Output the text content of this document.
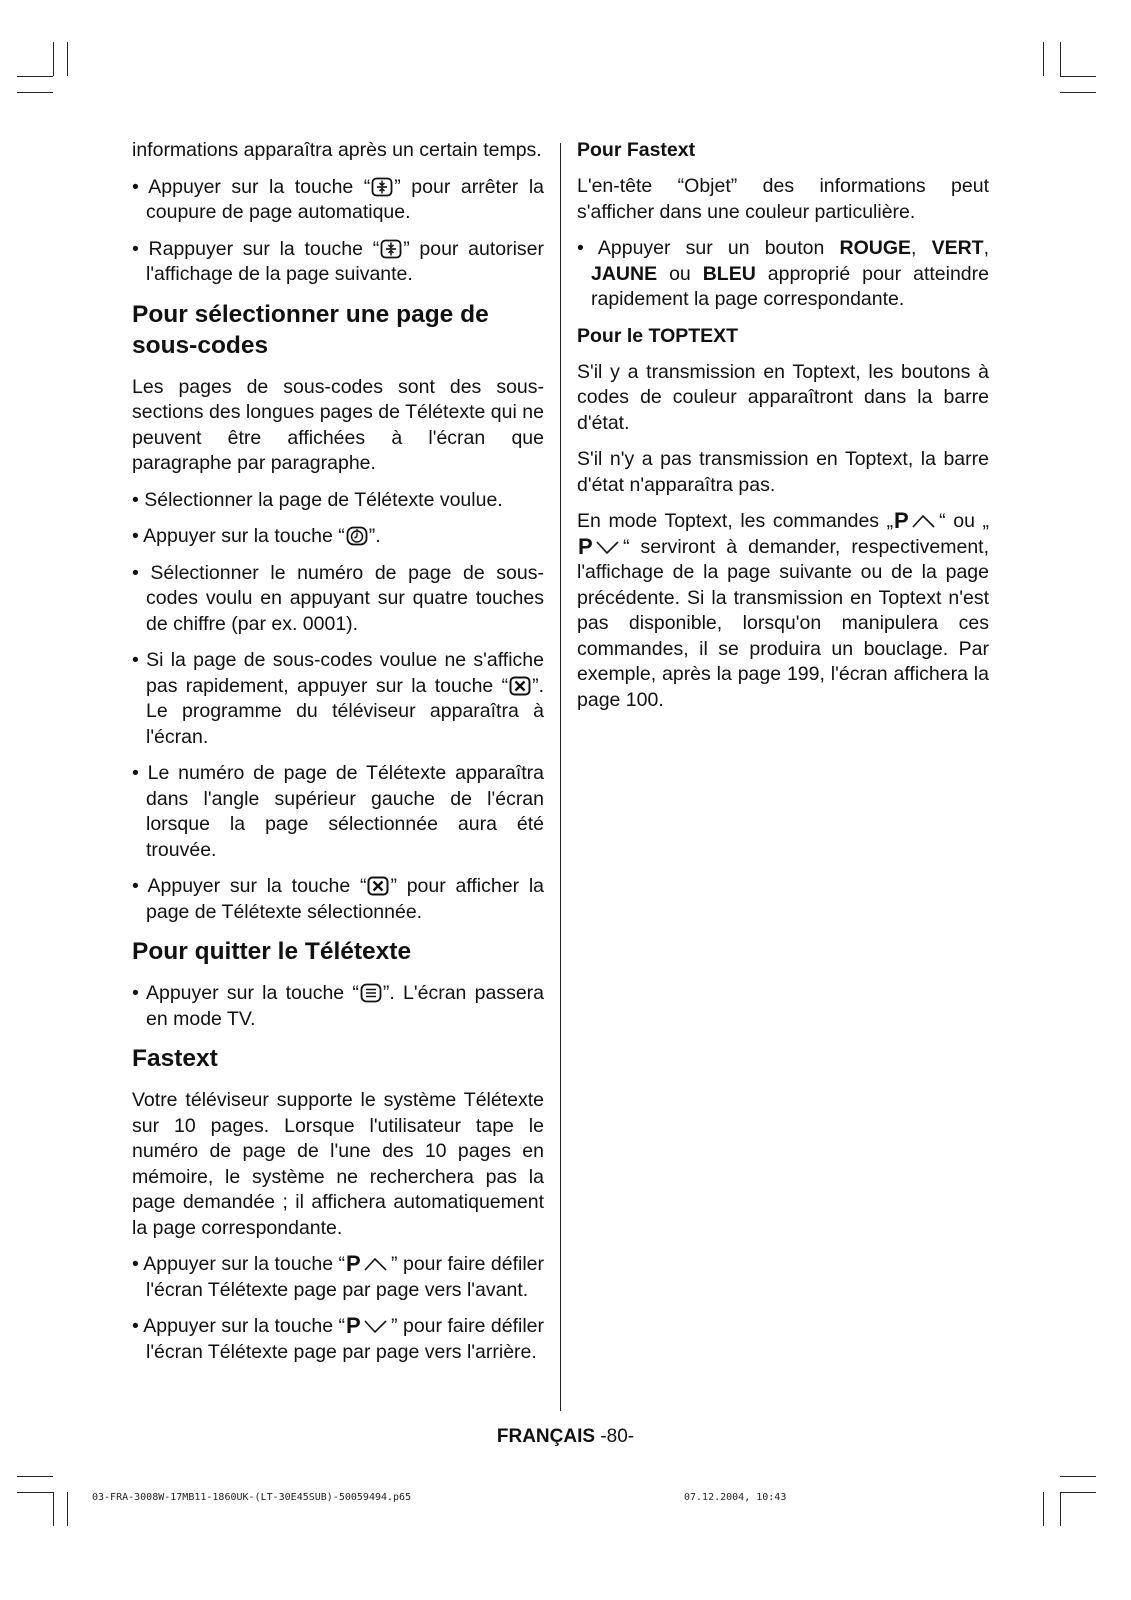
informations apparaîtra après un certain temps.

• Appuyer sur la touche “ ” pour arrêter la coupure de page automatique.

• Rappuyer sur la touche “ ” pour autoriser l'affichage de la page suivante.

Pour sélectionner une page de sous-codes

Les pages de sous-codes sont des sous-sections des longues pages de Télétexte qui ne peuvent être affichées à l'écran que paragraphe par paragraphe.

• Sélectionner la page de Télétexte voulue.

• Appuyer sur la touche “ ”.

• Sélectionner le numéro de page de sous-codes voulu en appuyant sur quatre touches de chiffre (par ex. 0001).

• Si la page de sous-codes voulue ne s'affiche pas rapidement, appuyer sur la touche “ ”. Le programme du téléviseur apparaîtra à l'écran.

• Le numéro de page de Télétexte apparaîtra dans l'angle supérieur gauche de l'écran lorsque la page sélectionnée aura été trouvée.

• Appuyer sur la touche “ ” pour afficher la page de Télétexte sélectionnée.

Pour quitter le Télétexte

• Appuyer sur la touche “ ”. L'écran passera en mode TV.

Fastext

Votre téléviseur supporte le système Télétexte sur 10 pages. Lorsque l'utilisateur tape le numéro de page de l'une des 10 pages en mémoire, le système ne recherchera pas la page demandée ; il affichera automatiquement la page correspondante.

• Appuyer sur la touche “ P ” pour faire défiler l'écran Télétexte page par page vers l'avant.

• Appuyer sur la touche “ P ” pour faire défiler l'écran Télétexte page par page vers l'arrière.

Pour Fastext

L'en-tête “Objet” des informations peut s'afficher dans une couleur particulière.

• Appuyer sur un bouton ROUGE, VERT, JAUNE ou BLEU approprié pour atteindre rapidement la page correspondante.

Pour le TOPTEXT

S'il y a transmission en Toptext, les boutons à codes de couleur apparaîtront dans la barre d'état.

S'il n'y a pas transmission en Toptext, la barre d'état n'apparaîtra pas.

En mode Toptext, les commandes „ P “ ou „
P “ serviront à demander, respectivement, l'affichage de la page suivante ou de la page précédente. Si la transmission en Toptext n'est pas disponible, lorsqu'on manipulera ces commandes, il se produira un bouclage. Par exemple, après la page 199, l'écran affichera la page 100.

FRANÇAIS -80-
03-FRA-3008W-17MB11-1860UK-(LT-30E45SUB)-50059494.p65	07.12.2004, 10:43
